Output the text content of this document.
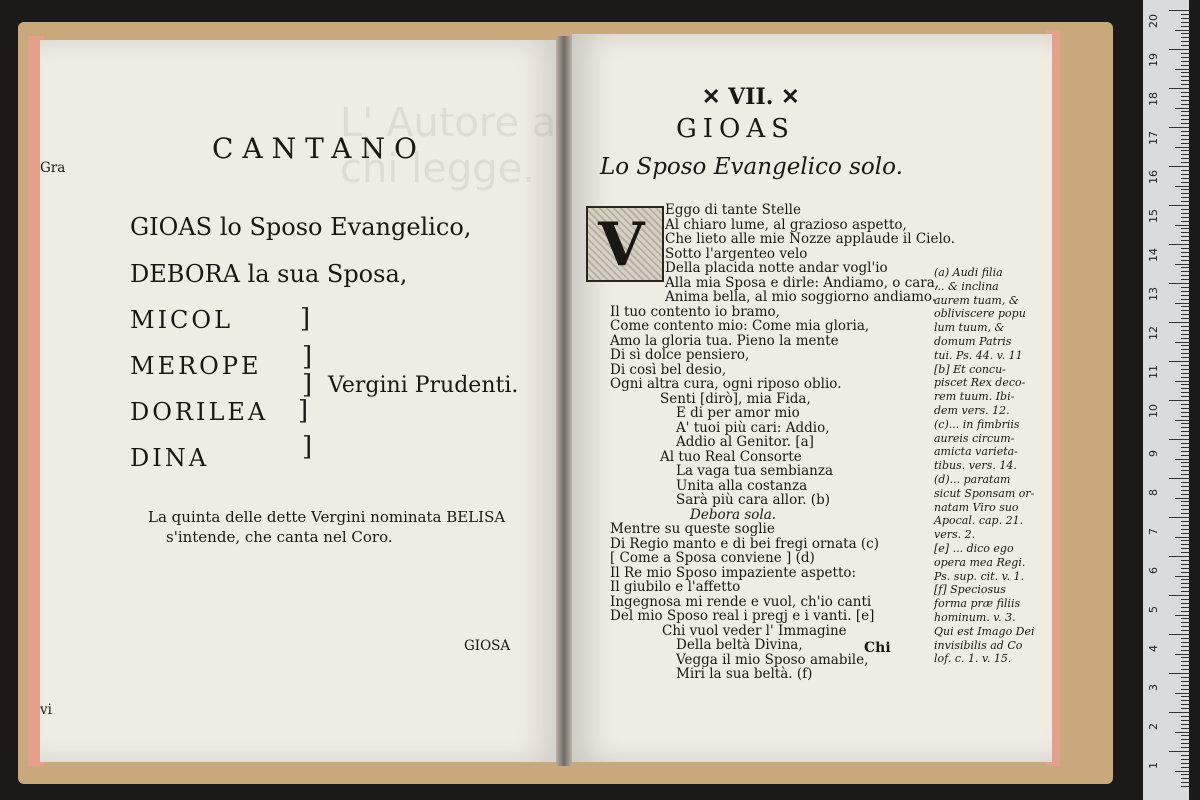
L' Autore a chi legge.
Gra
vi
CANTANO
GIOAS lo Sposo Evangelico,
DEBORA la sua Sposa,
MICOL
MEROPE
DORILEA
DINA
]
]
]
]
]
Vergini Prudenti.
La quinta delle dette Vergini nominata BELISA
s'intende, che canta nel Coro.
GIOSA
✕ VII. ✕
GIOAS
Lo Sposo Evangelico solo.
V Eggo di tante Stelle
Al chiaro lume, al grazioso aspetto,
Che lieto alle mie Nozze applaude il Cielo.
Sotto l'argenteo velo
Della placida notte andar vogl'io
Alla mia Sposa e dirle: Andiamo, o cara,
Anima bella, al mio soggiorno andiamo.
Il tuo contento io bramo,
Come contento mio: Come mia gloria,
Amo la gloria tua. Pieno la mente
Di sì dolce pensiero,
Di così bel desio,
Ogni altra cura, ogni riposo oblio.
Senti [dirò], mia Fida,
E di per amor mio
A' tuoi più cari: Addio,
Addio al Genitor. [a]
Al tuo Real Consorte
La vaga tua sembianza
Unita alla costanza
Sarà più cara allor. (b)
Debora sola.
Mentre su queste soglie
Di Regio manto e di bei fregi ornata (c)
[ Come a Sposa conviene ] (d)
Il Re mio Sposo impaziente aspetto:
Il giubilo e l'affetto
Ingegnosa mi rende e vuol, ch'io canti
Del mio Sposo real i pregj e i vanti. [e]
Chi vuol veder l' Immagine
Della beltà Divina,
Vegga il mio Sposo amabile,
Miri la sua beltà. (f)
(a) Audi filia
... & inclina
aurem tuam, &
obliviscere popu
lum tuum, &
domum Patris
tui. Ps. 44. v. 11
[b] Et concu-
piscet Rex deco-
rem tuum. Ibi-
dem vers. 12.
(c)... in fimbriis
aureis circum-
amicta varieta-
tibus. vers. 14.
(d)... paratam
sicut Sponsam or-
natam Viro suo
Apocal. cap. 21.
vers. 2.
[e] ... dico ego
opera mea Regi.
Ps. sup. cit. v. 1.
[f] Speciosus
forma præ filiis
hominum. v. 3.
Qui est Imago Dei
invisibilis ad Co
lof. c. 1. v. 15.
Chi
20
19
18
17
16
15
14
13
12
11
10
9
8
7
6
5
4
3
2
1
